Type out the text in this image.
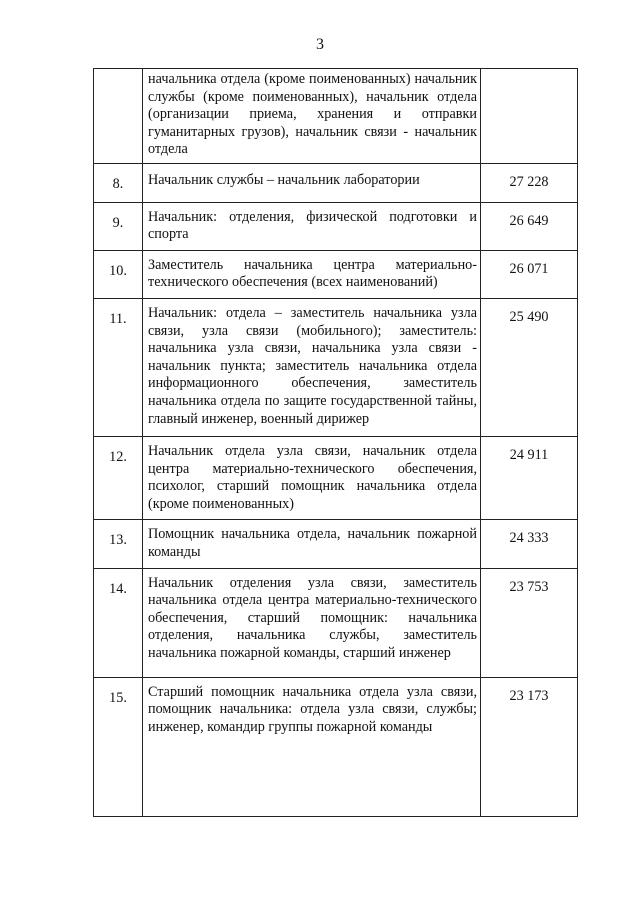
3
	начальника отдела (кроме поименованных) начальник службы (кроме поименованных), начальник отдела (организации приема, хранения и отправки гуманитарных грузов), начальник связи - начальник отдела	
8.	Начальник службы – начальник лаборатории	27 228
9.	Начальник: отделения, физической подготовки и спорта	26 649
10.	Заместитель начальника центра материально-технического обеспечения (всех наименований)	26 071
11.	Начальник: отдела – заместитель начальника узла связи, узла связи (мобильного); заместитель: начальника узла связи, начальника узла связи - начальник пункта; заместитель начальника отдела информационного обеспечения, заместитель начальника отдела по защите государственной тайны, главный инженер, военный дирижер	25 490
12.	Начальник отдела узла связи, начальник отдела центра материально-технического обеспечения, психолог, старший помощник начальника отдела (кроме поименованных)	24 911
13.	Помощник начальника отдела, начальник пожарной команды	24 333
14.	Начальник отделения узла связи, заместитель начальника отдела центра материально-технического обеспечения, старший помощник: начальника отделения, начальника службы, заместитель начальника пожарной команды, старший инженер	23 753
15.	Старший помощник начальника отдела узла связи, помощник начальника: отдела узла связи, службы; инженер, командир группы пожарной команды	23 173
